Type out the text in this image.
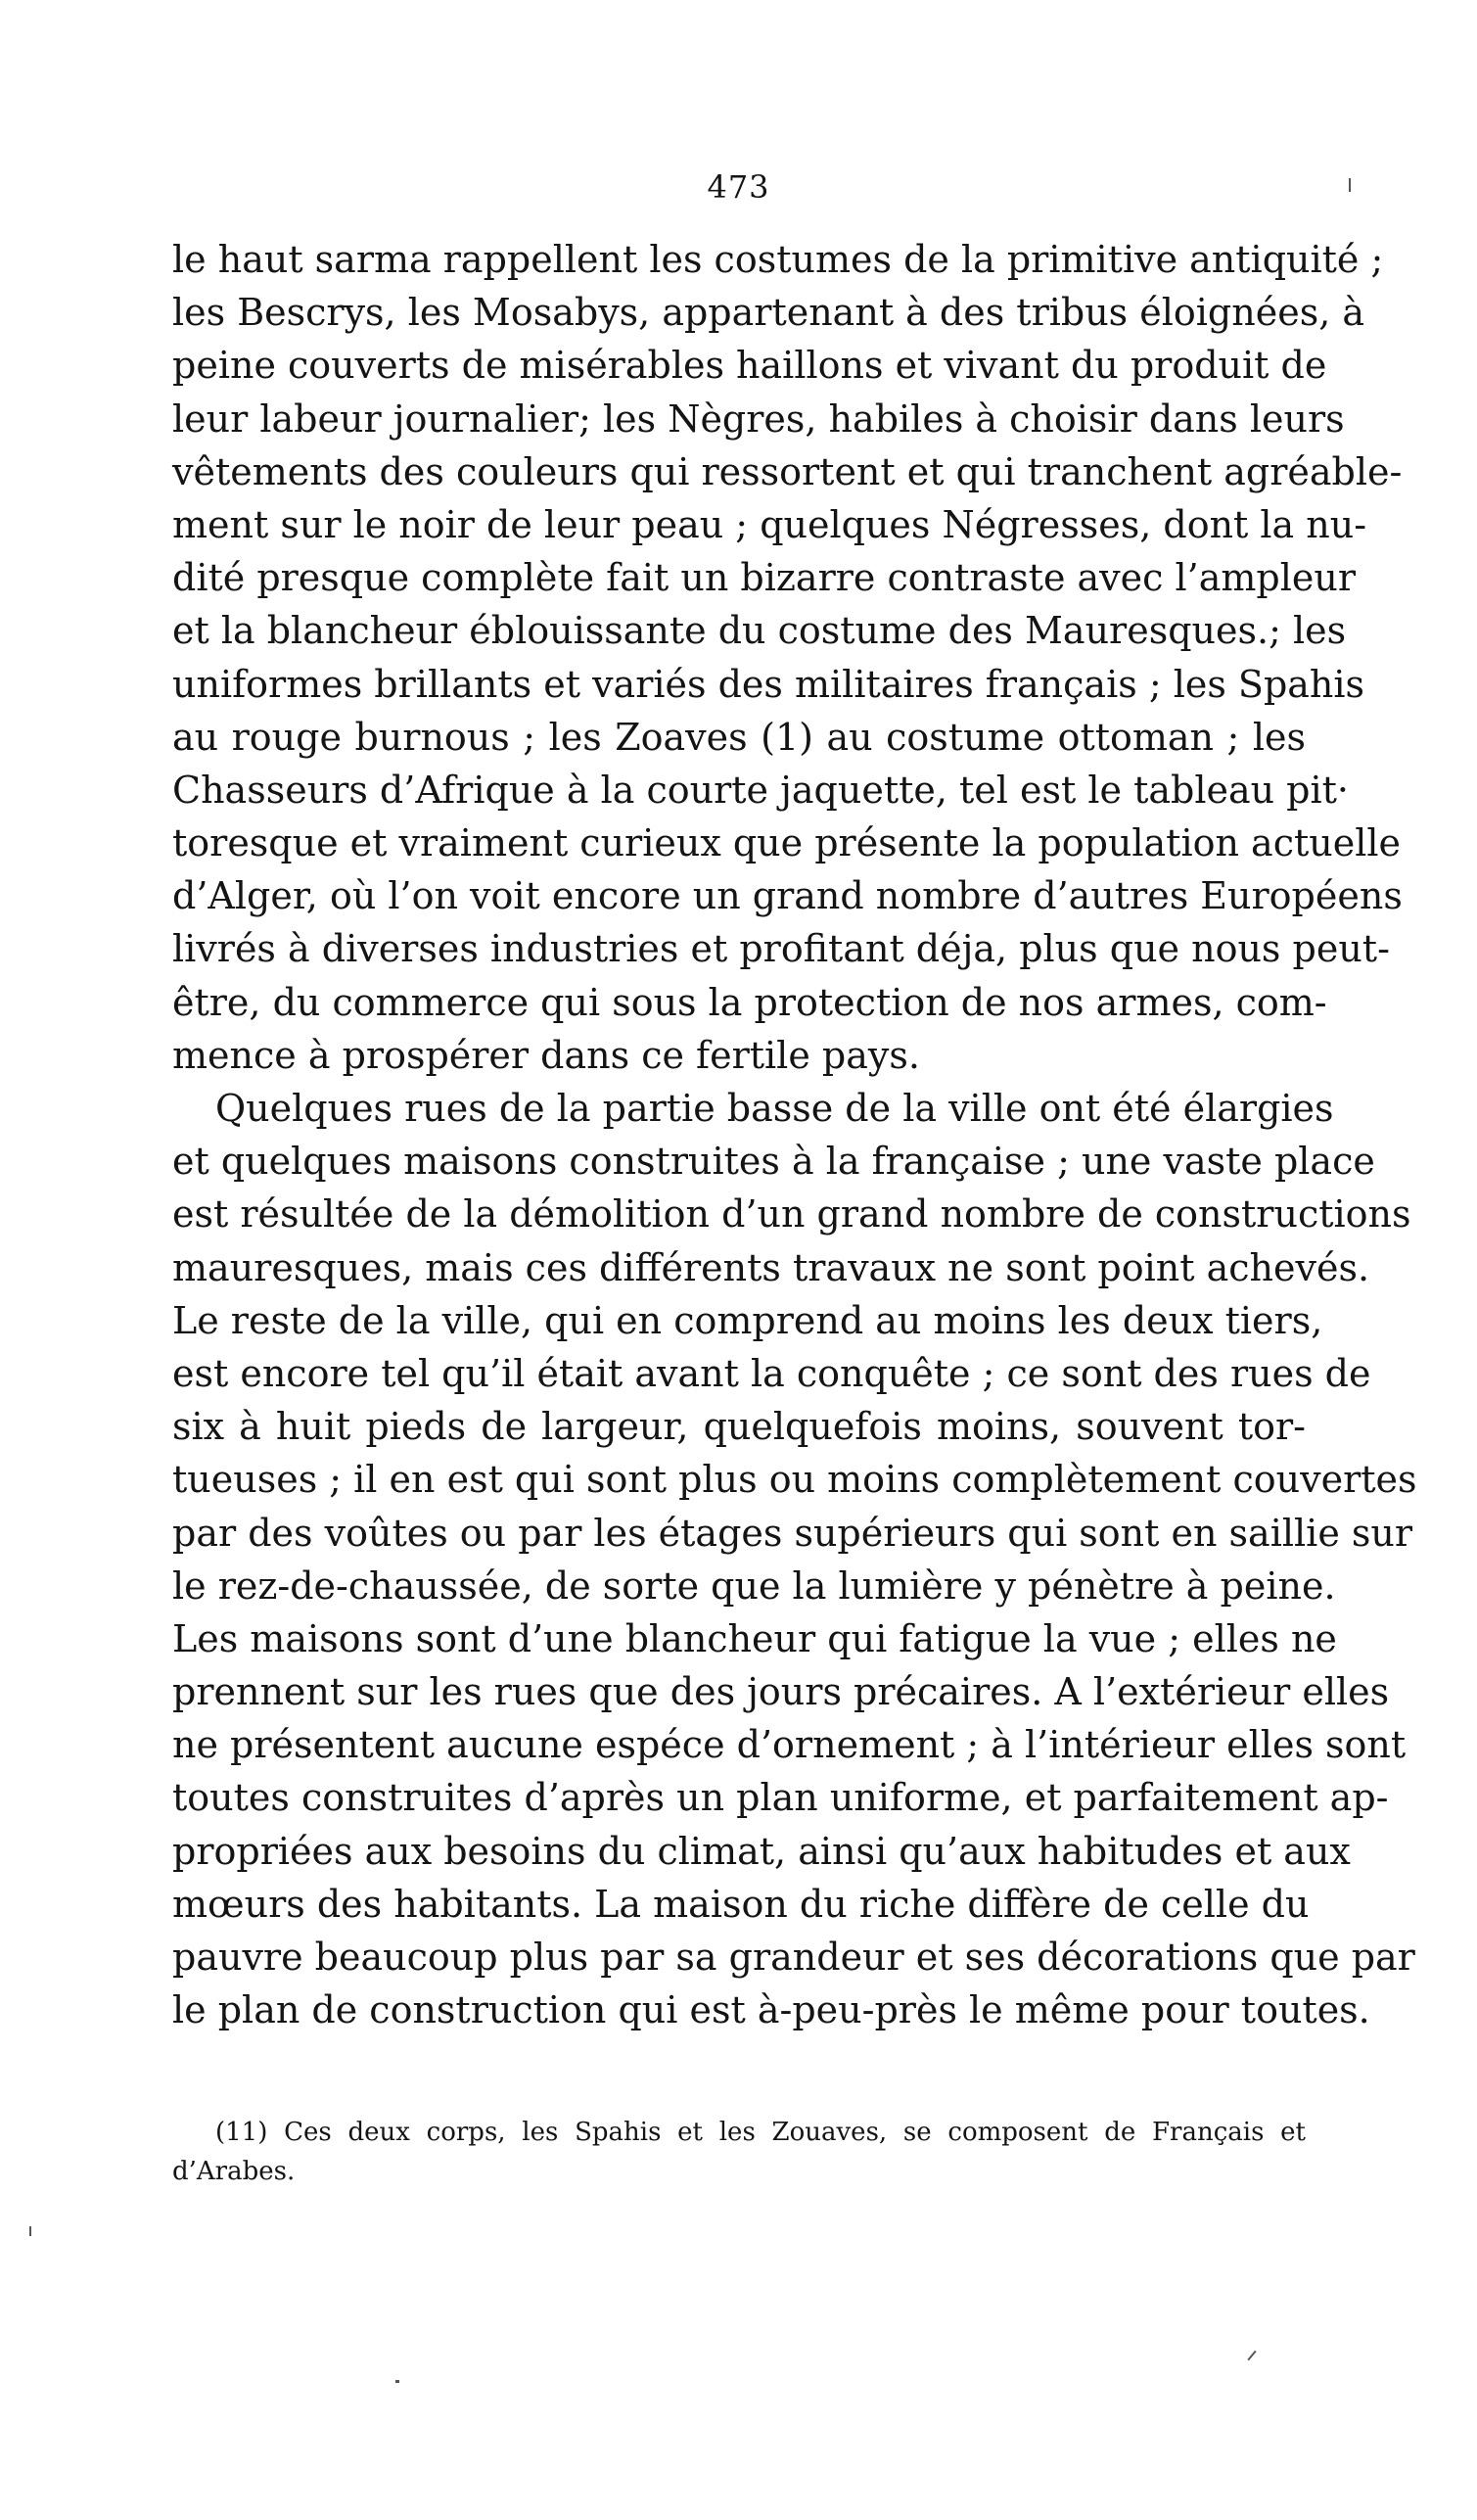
473
le haut sarma rappellent les costumes de la primitive antiquité ;
les Bescrys, les Mosabys, appartenant à des tribus éloignées, à
peine couverts de misérables haillons et vivant du produit de
leur labeur journalier; les Nègres, habiles à choisir dans leurs
vêtements des couleurs qui ressortent et qui tranchent agréable-
ment sur le noir de leur peau ; quelques Négresses, dont la nu-
dité presque complète fait un bizarre contraste avec l’ampleur
et la blancheur éblouissante du costume des Mauresques.; les
uniformes brillants et variés des militaires français ; les Spahis
au rouge burnous ; les Zoaves (1) au costume ottoman ; les
Chasseurs d’Afrique à la courte jaquette, tel est le tableau pit·
toresque et vraiment curieux que présente la population actuelle
d’Alger, où l’on voit encore un grand nombre d’autres Européens
livrés à diverses industries et profitant déja, plus que nous peut-
être, du commerce qui sous la protection de nos armes, com-
mence à prospérer dans ce fertile pays.
Quelques rues de la partie basse de la ville ont été élargies
et quelques maisons construites à la française ; une vaste place
est résultée de la démolition d’un grand nombre de constructions
mauresques, mais ces différents travaux ne sont point achevés.
Le reste de la ville, qui en comprend au moins les deux tiers,
est encore tel qu’il était avant la conquête ; ce sont des rues de
six à huit pieds de largeur, quelquefois moins, souvent tor-
tueuses ; il en est qui sont plus ou moins complètement couvertes
par des voûtes ou par les étages supérieurs qui sont en saillie sur
le rez-de-chaussée, de sorte que la lumière y pénètre à peine.
Les maisons sont d’une blancheur qui fatigue la vue ; elles ne
prennent sur les rues que des jours précaires. A l’extérieur elles
ne présentent aucune espéce d’ornement ; à l’intérieur elles sont
toutes construites d’après un plan uniforme, et parfaitement ap-
propriées aux besoins du climat, ainsi qu’aux habitudes et aux
mœurs des habitants. La maison du riche diffère de celle du
pauvre beaucoup plus par sa grandeur et ses décorations que par
le plan de construction qui est à-peu-près le même pour toutes.
(11) Ces deux corps, les Spahis et les Zouaves, se composent de Français et
d’Arabes.
